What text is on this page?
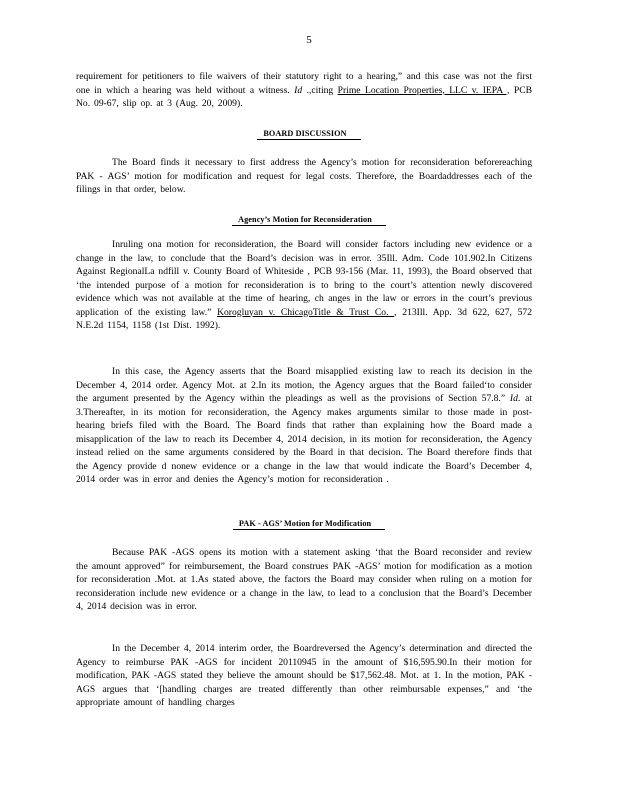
5

requirement for petitioners to file waivers of their statutory right to a hearing,” and this case was not the first one in which a hearing was held without a witness. Id .,citing Prime Location Properties, LLC v. IEPA , PCB No. 09-67, slip op. at 3 (Aug. 20, 2009).

BOARD DISCUSSION

The Board finds it necessary to first address the Agency’s motion for reconsideration beforereaching PAK - AGS’ motion for modification and request for legal costs. Therefore, the Boardaddresses each of the filings in that order, below.

Agency’s Motion for Reconsideration

Inruling ona motion for reconsideration, the Board will consider factors including new evidence or a change in the law, to conclude that the Board’s decision was in error. 35Ill. Adm. Code 101.902.In Citizens Against RegionalLa ndfill v. County Board of Whiteside , PCB 93-156 (Mar. 11, 1993), the Board observed that ‘the intended purpose of a motion for reconsideration is to bring to the court’s attention newly discovered evidence which was not available at the time of hearing, ch anges in the law or errors in the court’s previous application of the existing law.” Korogluyan v. ChicagoTitle & Trust Co. , 213Ill. App. 3d 622, 627, 572 N.E.2d 1154, 1158 (1st Dist. 1992).

In this case, the Agency asserts that the Board misapplied existing law to reach its decision in the December 4, 2014 order. Agency Mot. at 2.In its motion, the Agency argues that the Board failed‘to consider the argument presented by the Agency within the pleadings as well as the provisions of Section 57.8.” Id. at 3.Thereafter, in its motion for reconsideration, the Agency makes arguments similar to those made in post-hearing briefs filed with the Board. The Board finds that rather than explaining how the Board made a misapplication of the law to reach its December 4, 2014 decision, in its motion for reconsideration, the Agency instead relied on the same arguments considered by the Board in that decision. The Board therefore finds that the Agency provide d nonew evidence or a change in the law that would indicate the Board’s December 4, 2014 order was in error and denies the Agency’s motion for reconsideration .

PAK - AGS’ Motion for Modification

Because PAK -AGS opens its motion with a statement asking ‘that the Board reconsider and review the amount approved” for reimbursement, the Board construes PAK -AGS’ motion for modification as a motion for reconsideration .Mot. at 1.As stated above, the factors the Board may consider when ruling on a motion for reconsideration include new evidence or a change in the law, to lead to a conclusion that the Board’s December 4, 2014 decision was in error.

In the December 4, 2014 interim order, the Boardreversed the Agency’s determination and directed the Agency to reimburse PAK -AGS for incident 20110945 in the amount of $16,595.90.In their motion for modification, PAK -AGS stated they believe the amount should be $17,562.48. Mot. at 1. In the motion, PAK -AGS argues that ‘[handling charges are treated differently than other reimbursable expenses,” and ‘the appropriate amount of handling charges
